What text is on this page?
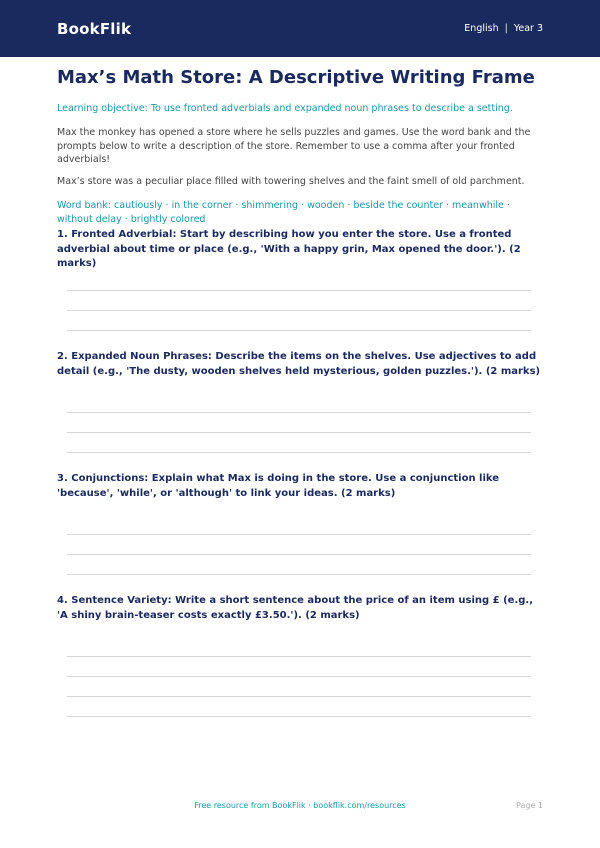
BookFlik	English | Year 3
Max’s Math Store: A Descriptive Writing Frame
Learning objective: To use fronted adverbials and expanded noun phrases to describe a setting.
Max the monkey has opened a store where he sells puzzles and games. Use the word bank and the prompts below to write a description of the store. Remember to use a comma after your fronted adverbials!
Max’s store was a peculiar place filled with towering shelves and the faint smell of old parchment.
Word bank: cautiously · in the corner · shimmering · wooden · beside the counter · meanwhile · without delay · brightly colored
1. Fronted Adverbial: Start by describing how you enter the store. Use a fronted adverbial about time or place (e.g., 'With a happy grin, Max opened the door.'). (2 marks)
2. Expanded Noun Phrases: Describe the items on the shelves. Use adjectives to add detail (e.g., 'The dusty, wooden shelves held mysterious, golden puzzles.'). (2 marks)
3. Conjunctions: Explain what Max is doing in the store. Use a conjunction like 'because', 'while', or 'although' to link your ideas. (2 marks)
4. Sentence Variety: Write a short sentence about the price of an item using £ (e.g., 'A shiny brain-teaser costs exactly £3.50.'). (2 marks)
Free resource from BookFlik · bookflik.com/resources	Page 1
